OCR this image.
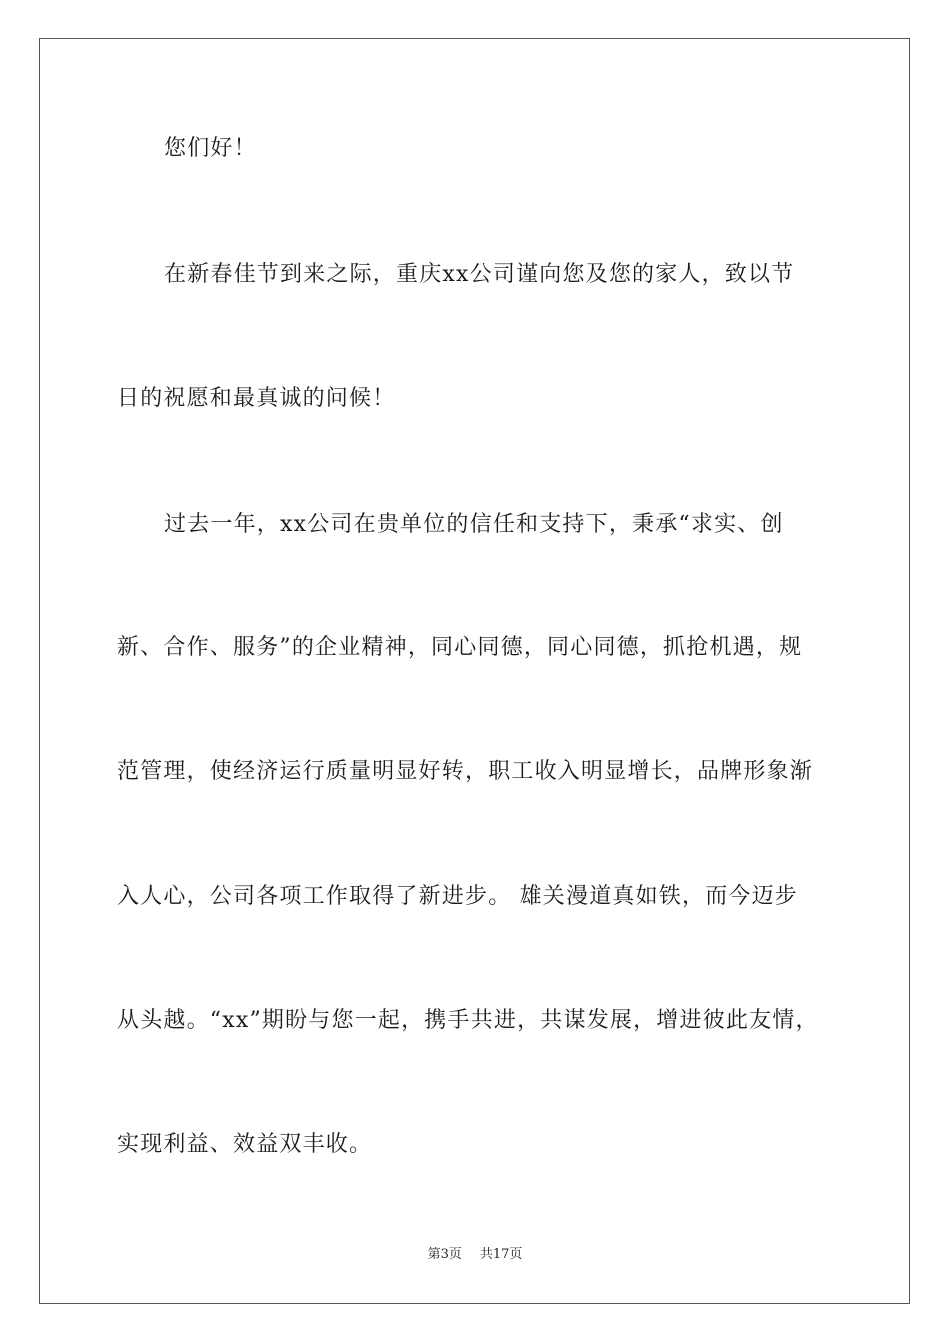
您们好！
在新春佳节到来之际，重庆xx公司谨向您及您的家人，致以节
日的祝愿和最真诚的问候！
过去一年，xx公司在贵单位的信任和支持下，秉承“求实、创
新、合作、服务”的企业精神，同心同德，同心同德，抓抢机遇，规
范管理，使经济运行质量明显好转，职工收入明显增长，品牌形象渐
入人心，公司各项工作取得了新进步。 雄关漫道真如铁，而今迈步
从头越。“xx”期盼与您一起，携手共进，共谋发展，增进彼此友情，
实现利益、效益双丰收。
第3页 共17页
